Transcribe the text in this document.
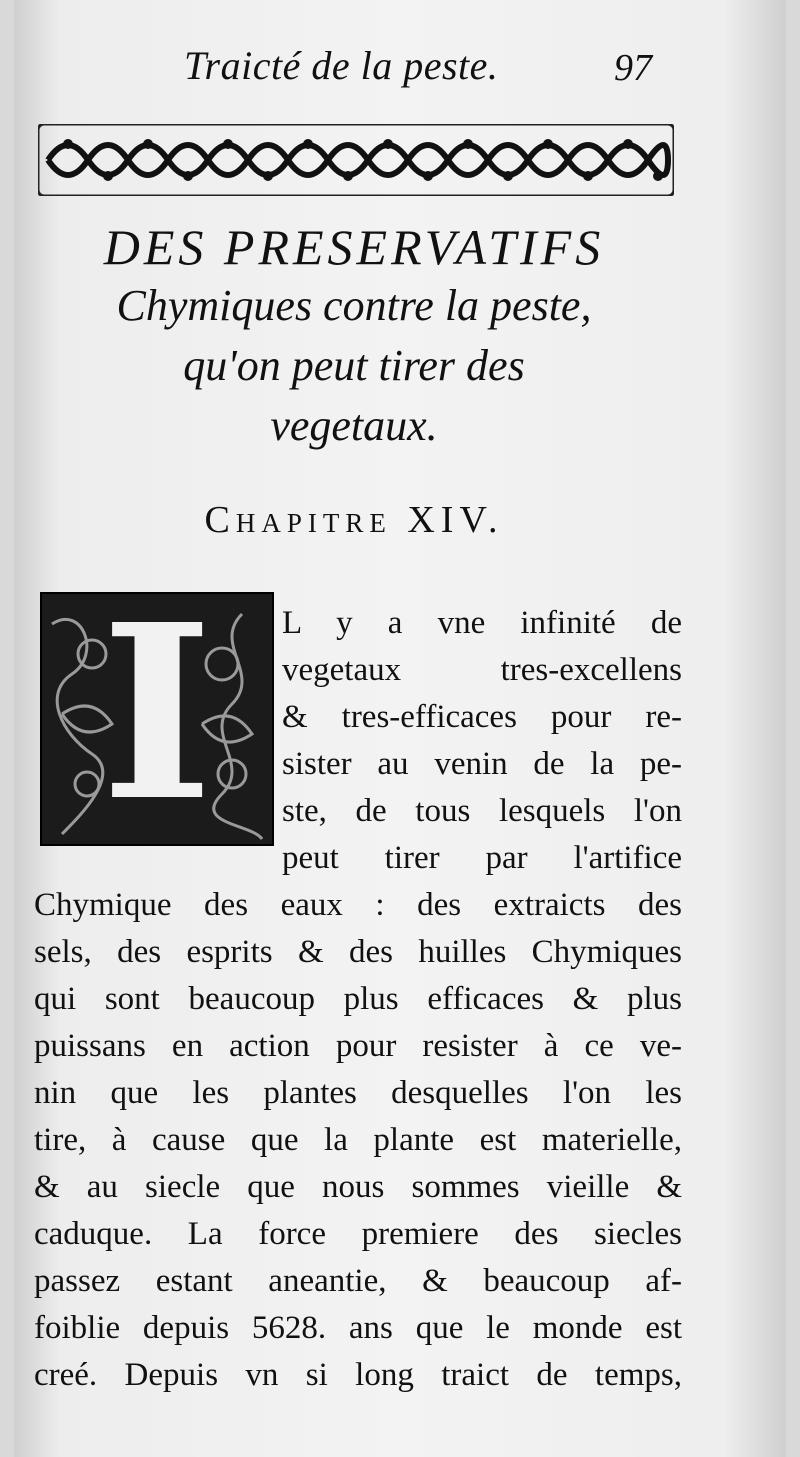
Traicté de la peste.	97
DES PRESERVATIFS
Chymiques contre la peste,
qu'on peut tirer des
vegetaux.
Chapitre XIV.
I	L y a vne infinité de
vegetaux tres-excellens
& tres-efficaces pour re-
sister au venin de la pe-
ste, de tous lesquels l'on
peut tirer par l'artifice
Chymique des eaux : des extraicts des
sels, des esprits & des huilles Chymiques
qui sont beaucoup plus efficaces & plus
puissans en action pour resister à ce ve-
nin que les plantes desquelles l'on les
tire, à cause que la plante est materielle,
& au siecle que nous sommes vieille &
caduque. La force premiere des siecles
passez estant aneantie, & beaucoup af-
foiblie depuis 5628. ans que le monde est
creé. Depuis vn si long traict de temps,
